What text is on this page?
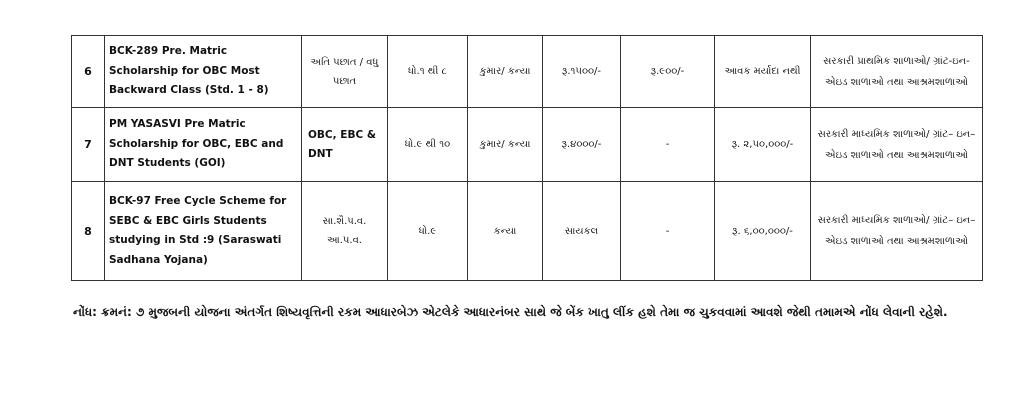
6	BCK-289 Pre. Matric Scholarship for OBC Most Backward Class (Std. 1 - 8)	અતિ પછાત / વધુ પછાત	ધો.૧ થી ૮	કુમાર/ કન્યા	રૂ.૧૫૦૦/-	રૂ.૯૦૦/-	આવક મર્યાદા નથી	સરકારી પ્રાથમિક શાળાઓ/ ગ્રાંટ-ઇન-એઇડ શાળાઓ તથા આશ્રમશાળાઓ
7	PM YASASVI Pre Matric Scholarship for OBC, EBC and DNT Students (GOI)	OBC, EBC & DNT	ધો.૯ થી ૧૦	કુમાર/ કન્યા	રૂ.૪૦૦૦/-	-	રૂ. ૨,૫૦,૦૦૦/-	સરકારી માધ્યમિક શાળાઓ/ ગ્રાંટ– ઇન– એઇડ શાળાઓ તથા આશ્રમશાળાઓ
8	BCK-97 Free Cycle Scheme for SEBC & EBC Girls Students studying in Std :9 (Saraswati Sadhana Yojana)	સા.શૈ.પ.વ. આ.પ.વ.	ધો.૯	કન્યા	સાયકલ	-	રૂ. ૬,૦૦,૦૦૦/-	સરકારી માધ્યમિક શાળાઓ/ ગ્રાંટ– ઇન– એઇડ શાળાઓ તથા આશ્રમશાળાઓ

નોંધ: ક્રમનં: ૭ મુજબની યોજના અંતર્ગત શિષ્યવૃત્તિની રકમ આધારબેઝ એટલેકે આધારનંબર સાથે જે બેંક ખાતુ લીંક હશે તેમા જ ચુકવવામાં આવશે જેથી તમામએ નોંધ લેવાની રહેશે.
